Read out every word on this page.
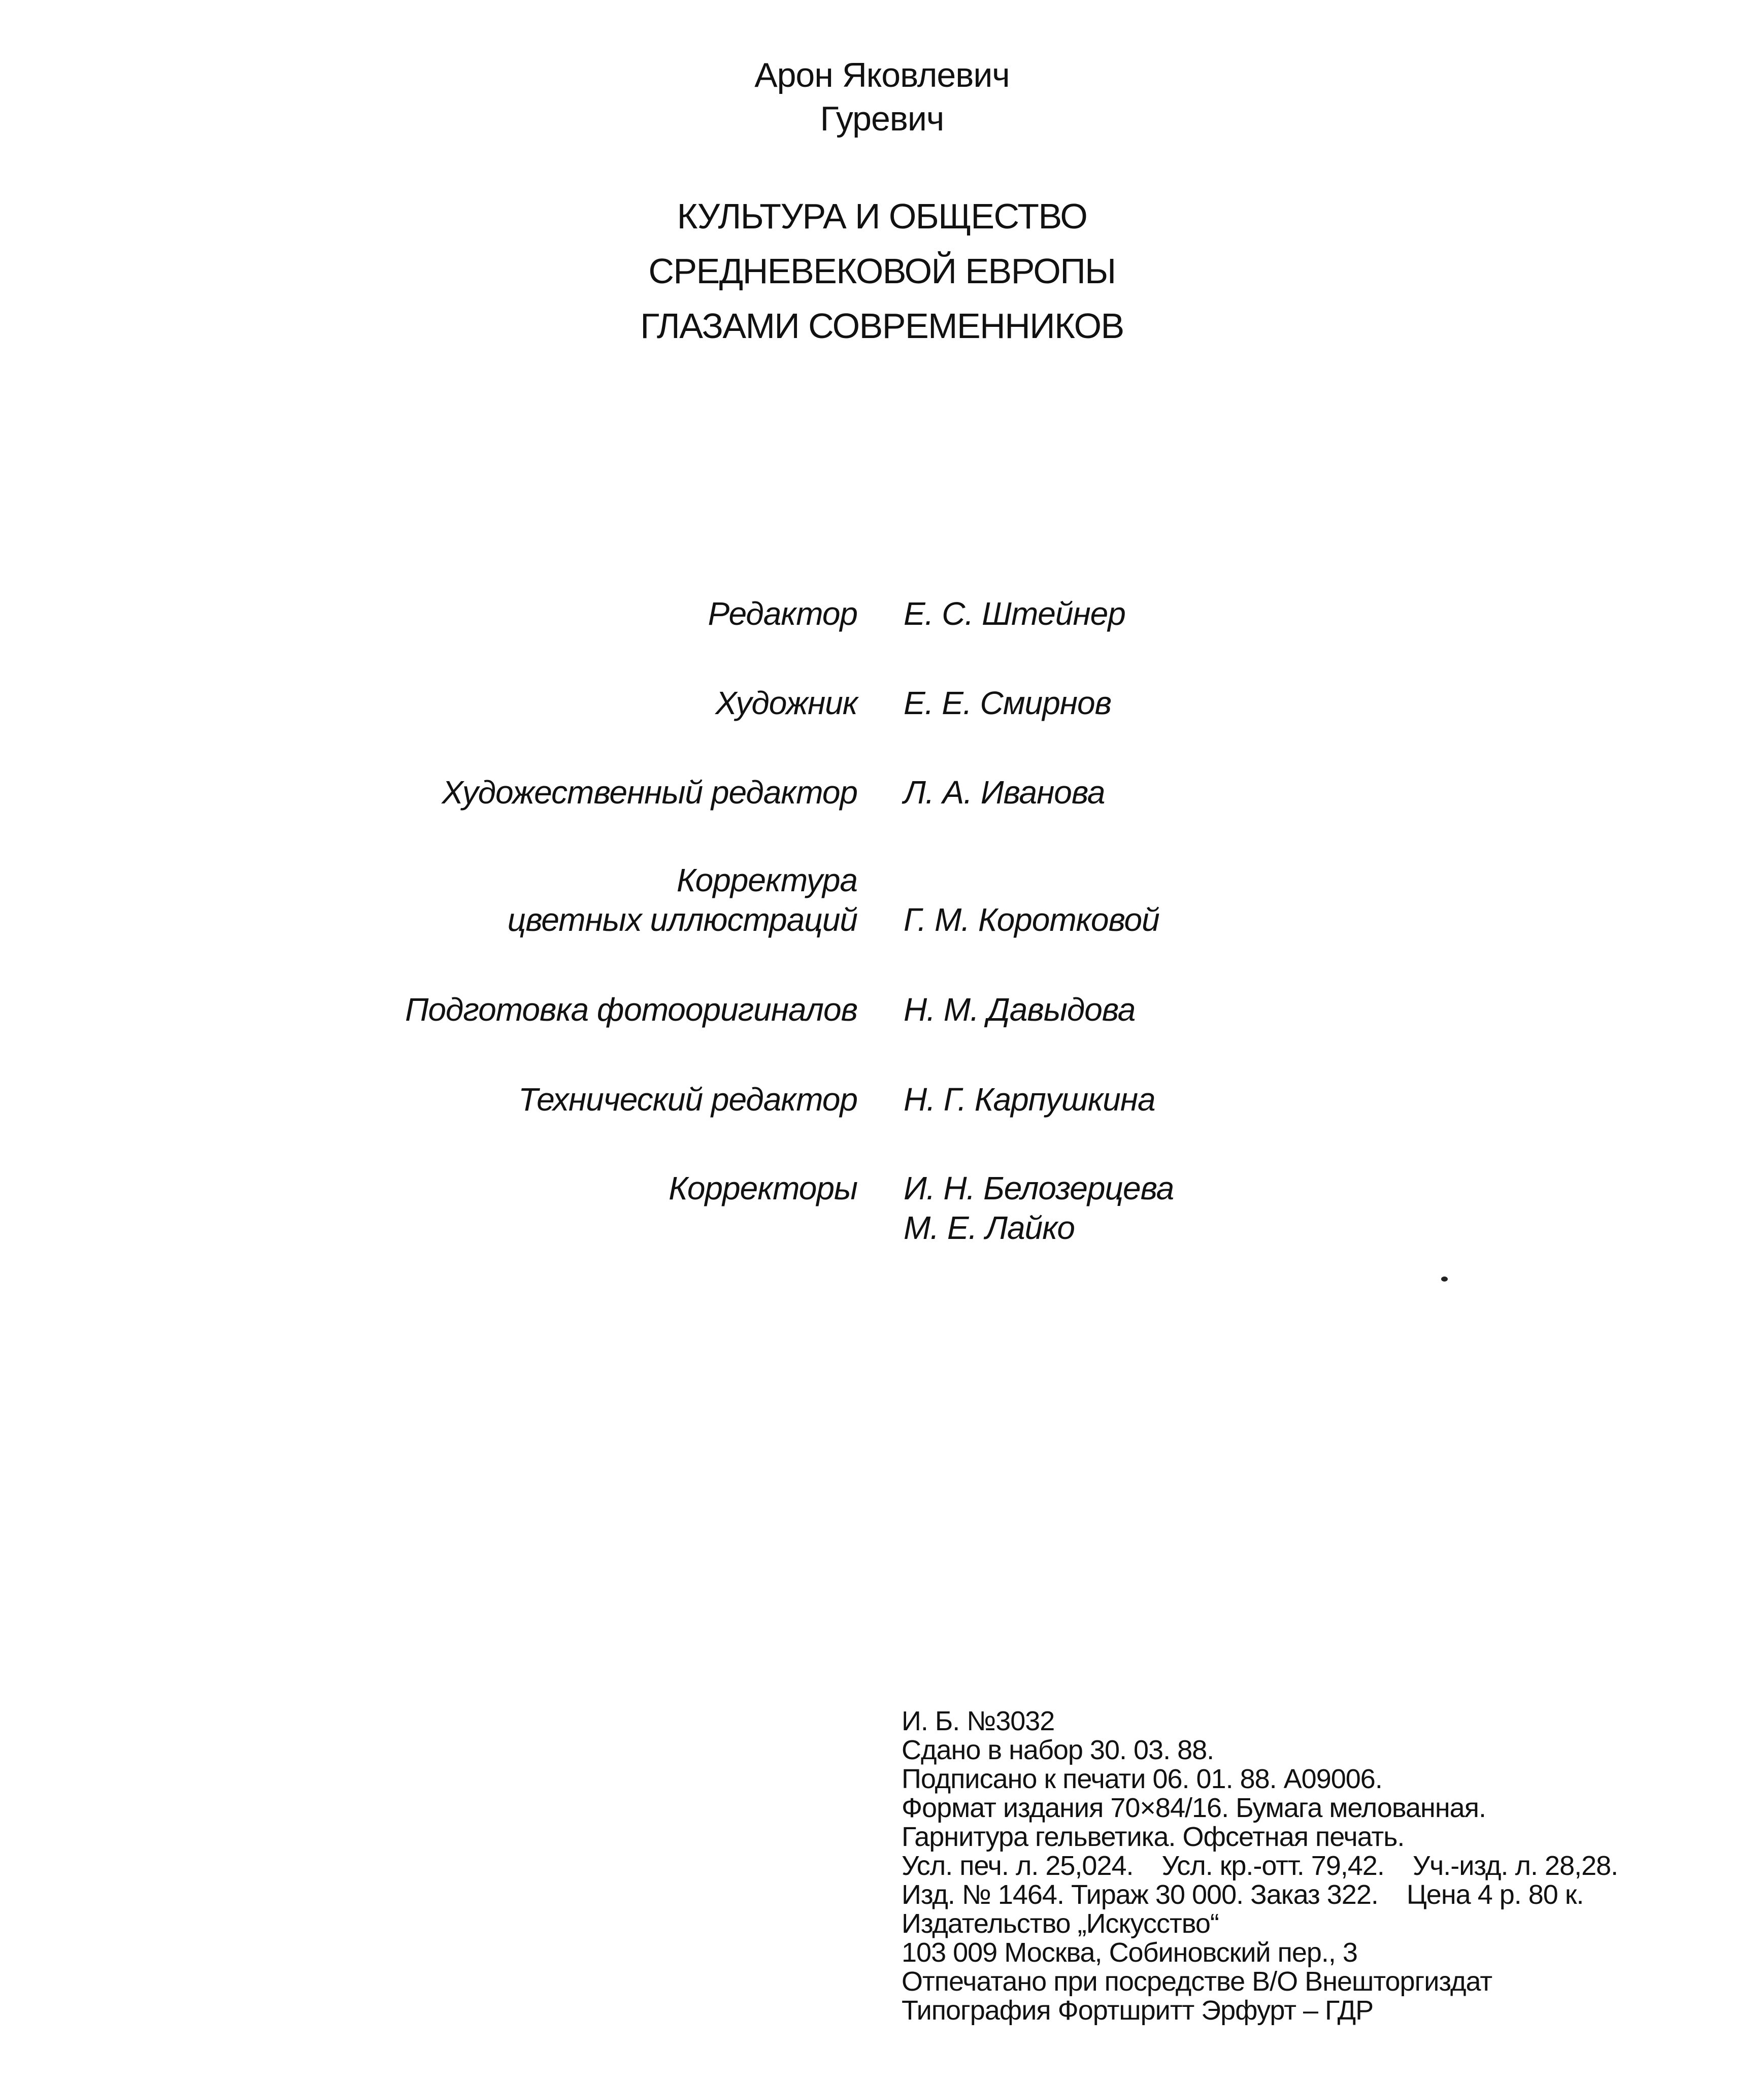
Арон Яковлевич
Гуревич
КУЛЬТУРА И ОБЩЕСТВО
СРЕДНЕВЕКОВОЙ ЕВРОПЫ
ГЛАЗАМИ СОВРЕМЕННИКОВ
Редактор Е. С. Штейнер
Художник Е. Е. Смирнов
Художественный редактор Л. А. Иванова
Корректура
цветных иллюстраций Г. М. Коротковой
Подготовка фотооригиналов Н. М. Давыдова
Технический редактор Н. Г. Карпушкина
Корректоры И. Н. Белозерцева
М. Е. Лайко
И. Б. №3032
Сдано в набор 30. 03. 88.
Подписано к печати 06. 01. 88. А09006.
Формат издания 70×84/16. Бумага мелованная.
Гарнитура гельветика. Офсетная печать.
Усл. печ. л. 25,024.    Усл. кр.-отт. 79,42.    Уч.-изд. л. 28,28.
Изд. № 1464. Тираж 30 000. Заказ 322.    Цена 4 р. 80 к.
Издательство „Искусство“
103 009 Москва, Собиновский пер., 3
Отпечатано при посредстве В/О Внешторгиздат
Типография Фортшритт Эрфурт – ГДР
